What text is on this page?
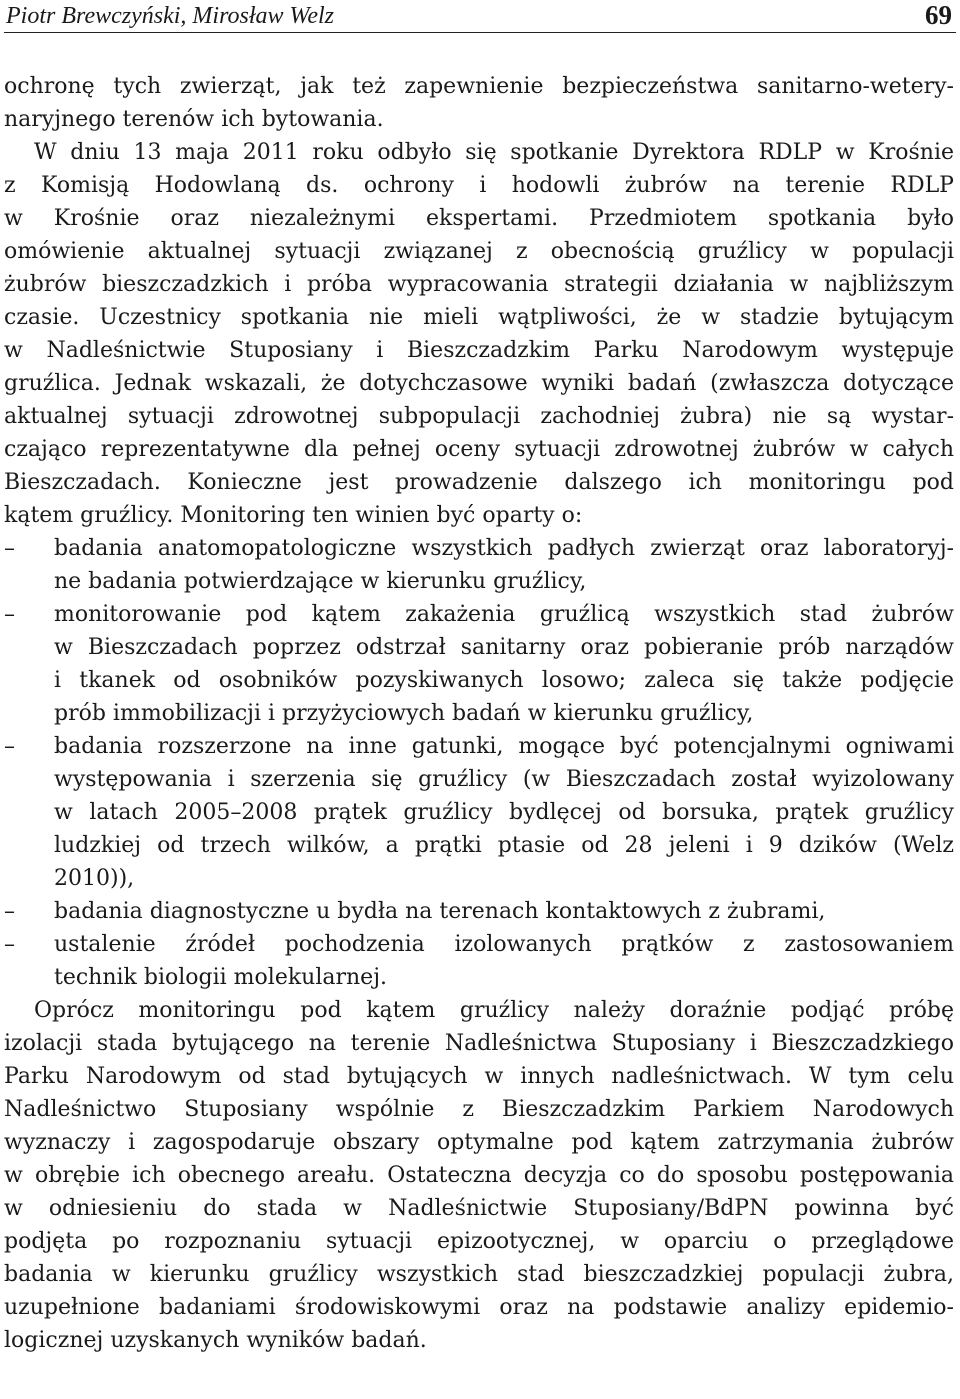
Piotr Brewczyński, Mirosław Welz	69
ochronę tych zwierząt, jak też zapewnienie bezpieczeństwa sanitarno-wetery-
naryjnego terenów ich bytowania.
W dniu 13 maja 2011 roku odbyło się spotkanie Dyrektora RDLP w Krośnie
z Komisją Hodowlaną ds. ochrony i hodowli żubrów na terenie RDLP
w Krośnie oraz niezależnymi ekspertami. Przedmiotem spotkania było
omówienie aktualnej sytuacji związanej z obecnością gruźlicy w populacji
żubrów bieszczadzkich i próba wypracowania strategii działania w najbliższym
czasie. Uczestnicy spotkania nie mieli wątpliwości, że w stadzie bytującym
w Nadleśnictwie Stuposiany i Bieszczadzkim Parku Narodowym występuje
gruźlica. Jednak wskazali, że dotychczasowe wyniki badań (zwłaszcza dotyczące
aktualnej sytuacji zdrowotnej subpopulacji zachodniej żubra) nie są wystar-
czająco reprezentatywne dla pełnej oceny sytuacji zdrowotnej żubrów w całych
Bieszczadach. Konieczne jest prowadzenie dalszego ich monitoringu pod
kątem gruźlicy. Monitoring ten winien być oparty o:
–	badania anatomopatologiczne wszystkich padłych zwierząt oraz laboratoryj-
ne badania potwierdzające w kierunku gruźlicy,
–	monitorowanie pod kątem zakażenia gruźlicą wszystkich stad żubrów
w Bieszczadach poprzez odstrzał sanitarny oraz pobieranie prób narządów
i tkanek od osobników pozyskiwanych losowo; zaleca się także podjęcie
prób immobilizacji i przyżyciowych badań w kierunku gruźlicy,
–	badania rozszerzone na inne gatunki, mogące być potencjalnymi ogniwami
występowania i szerzenia się gruźlicy (w Bieszczadach został wyizolowany
w latach 2005–2008 prątek gruźlicy bydlęcej od borsuka, prątek gruźlicy
ludzkiej od trzech wilków, a prątki ptasie od 28 jeleni i 9 dzików (Welz
2010)),
–	badania diagnostyczne u bydła na terenach kontaktowych z żubrami,
–	ustalenie źródeł pochodzenia izolowanych prątków z zastosowaniem
technik biologii molekularnej.
Oprócz monitoringu pod kątem gruźlicy należy doraźnie podjąć próbę
izolacji stada bytującego na terenie Nadleśnictwa Stuposiany i Bieszczadzkiego
Parku Narodowym od stad bytujących w innych nadleśnictwach. W tym celu
Nadleśnictwo Stuposiany wspólnie z Bieszczadzkim Parkiem Narodowych
wyznaczy i zagospodaruje obszary optymalne pod kątem zatrzymania żubrów
w obrębie ich obecnego areału. Ostateczna decyzja co do sposobu postępowania
w odniesieniu do stada w Nadleśnictwie Stuposiany/BdPN powinna być
podjęta po rozpoznaniu sytuacji epizootycznej, w oparciu o przeglądowe
badania w kierunku gruźlicy wszystkich stad bieszczadzkiej populacji żubra,
uzupełnione badaniami środowiskowymi oraz na podstawie analizy epidemio-
logicznej uzyskanych wyników badań.
